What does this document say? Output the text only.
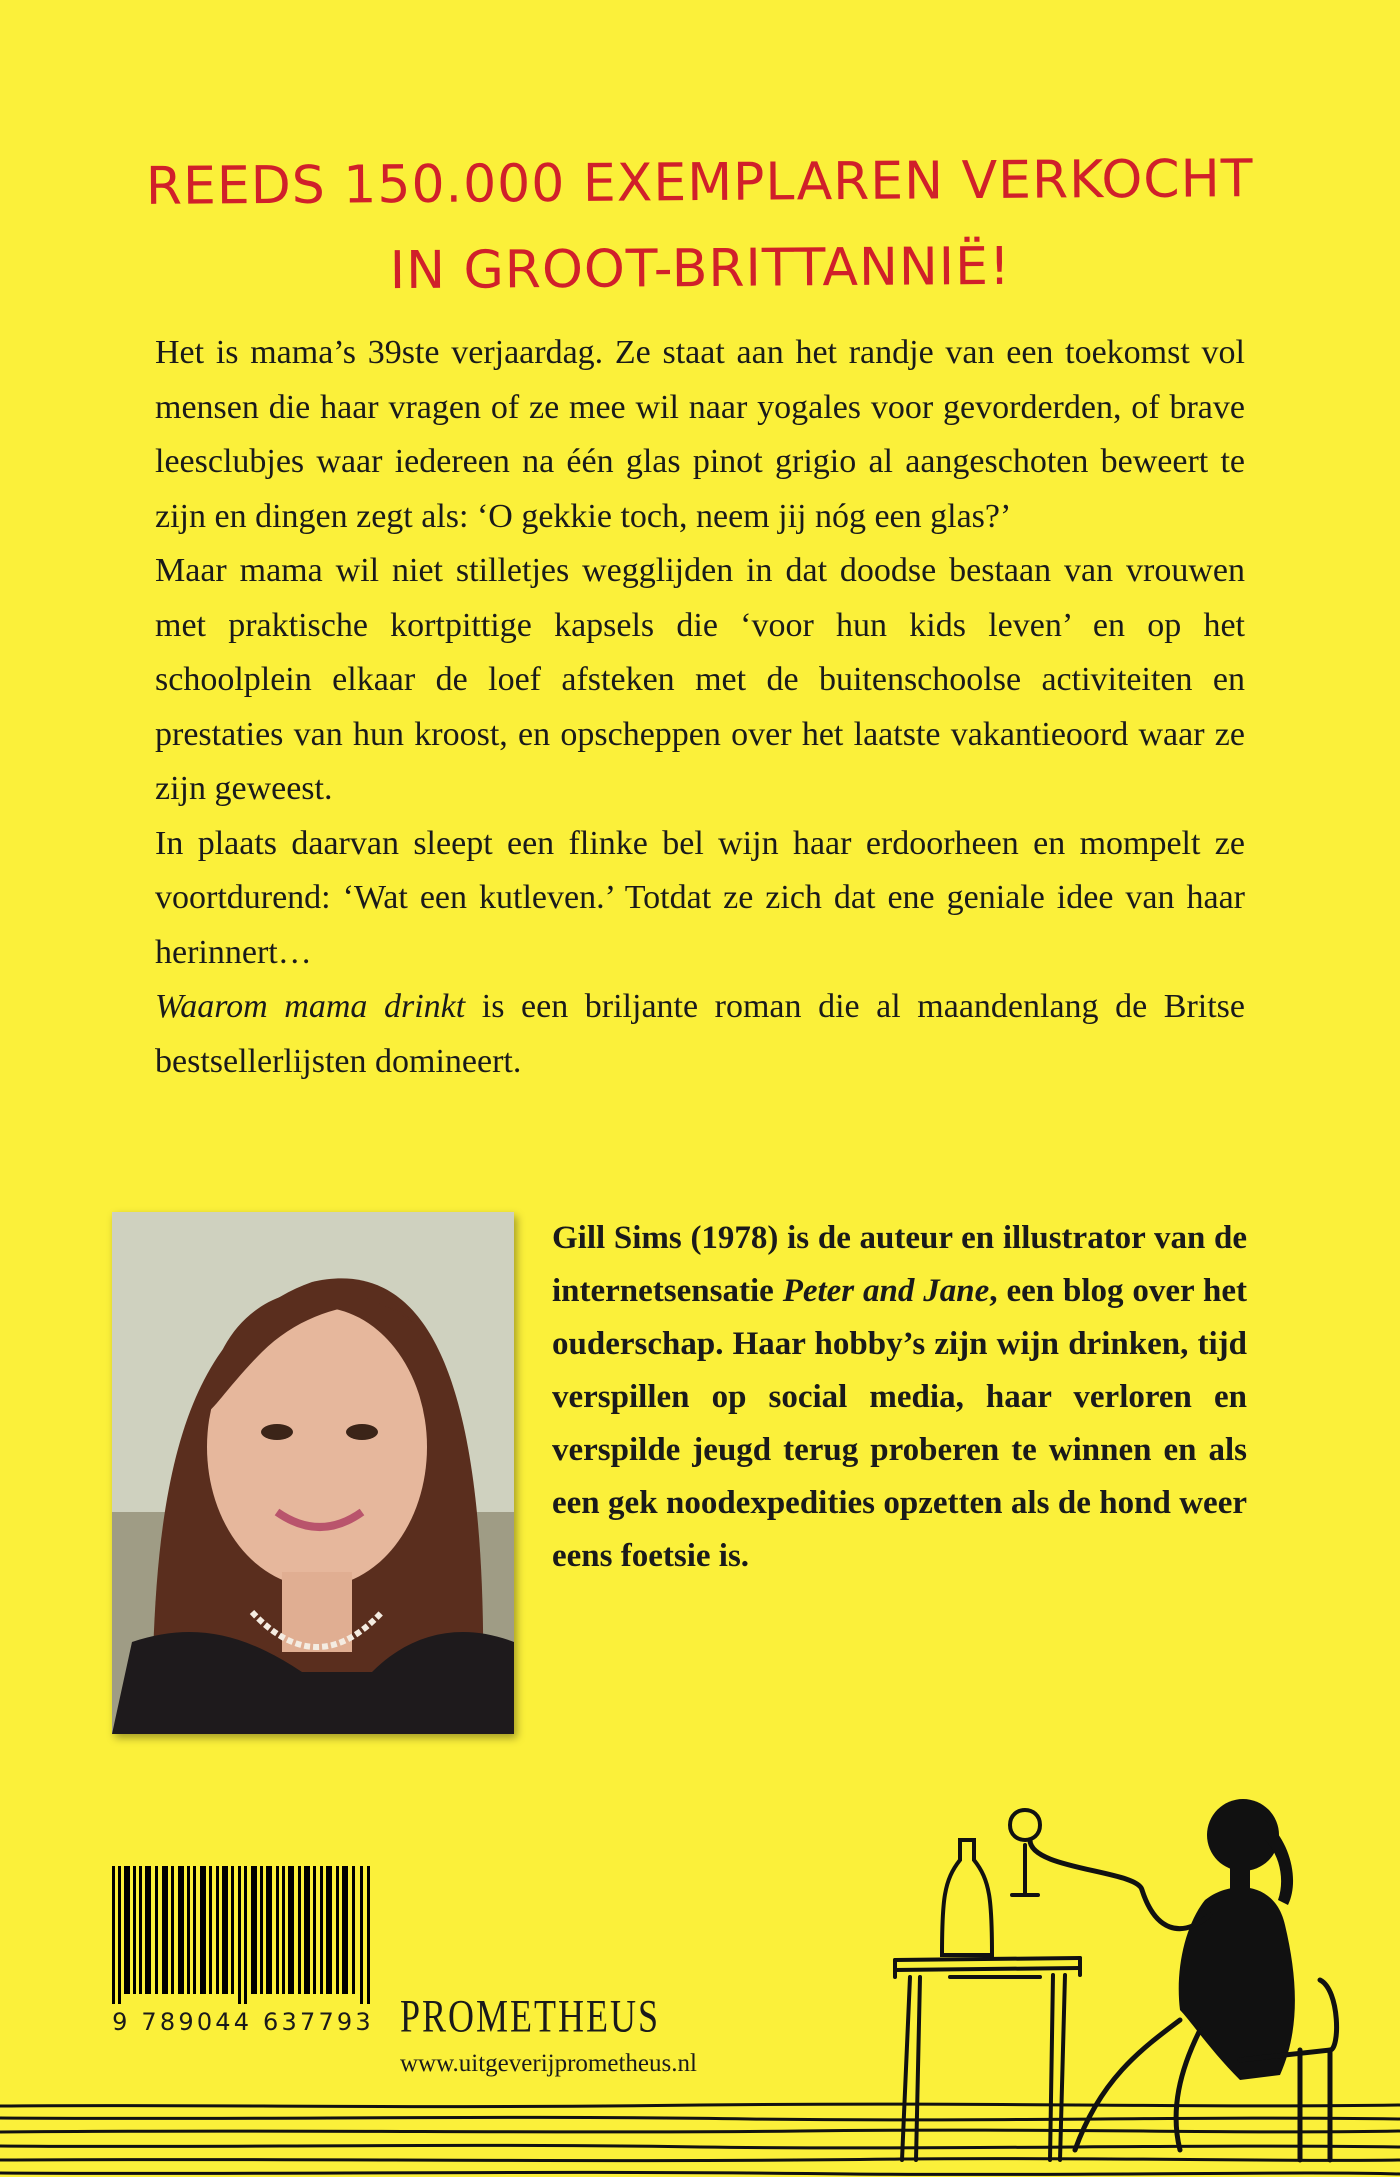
REEDS 150.000 EXEMPLAREN VERKOCHT
IN GROOT-BRITTANNIË!

Het is mama’s 39ste verjaardag. Ze staat aan het randje van een toekomst vol mensen die haar vragen of ze mee wil naar yogales voor gevorderden, of brave leesclubjes waar iedereen na één glas pinot grigio al aangeschoten beweert te zijn en dingen zegt als: ‘O gekkie toch, neem jij nóg een glas?’

Maar mama wil niet stilletjes wegglijden in dat doodse bestaan van vrouwen met praktische kortpittige kapsels die ‘voor hun kids leven’ en op het schoolplein elkaar de loef afsteken met de buitenschoolse activiteiten en prestaties van hun kroost, en opscheppen over het laatste vakantieoord waar ze zijn geweest.

In plaats daarvan sleept een flinke bel wijn haar erdoorheen en mompelt ze voortdurend: ‘Wat een kutleven.’ Totdat ze zich dat ene geniale idee van haar herinnert…

Waarom mama drinkt is een briljante roman die al maandenlang de Britse bestsellerlijsten domineert.

Gill Sims (1978) is de auteur en illustrator van de internetsensatie Peter and Jane, een blog over het ouderschap. Haar hobby’s zijn wijn drinken, tijd verspillen op social media, haar verloren en verspilde jeugd terug proberen te winnen en als een gek noodexpedities opzetten als de hond weer eens foetsie is.
9 789044 637793 PROMETHEUS
www.uitgeverijprometheus.nl
